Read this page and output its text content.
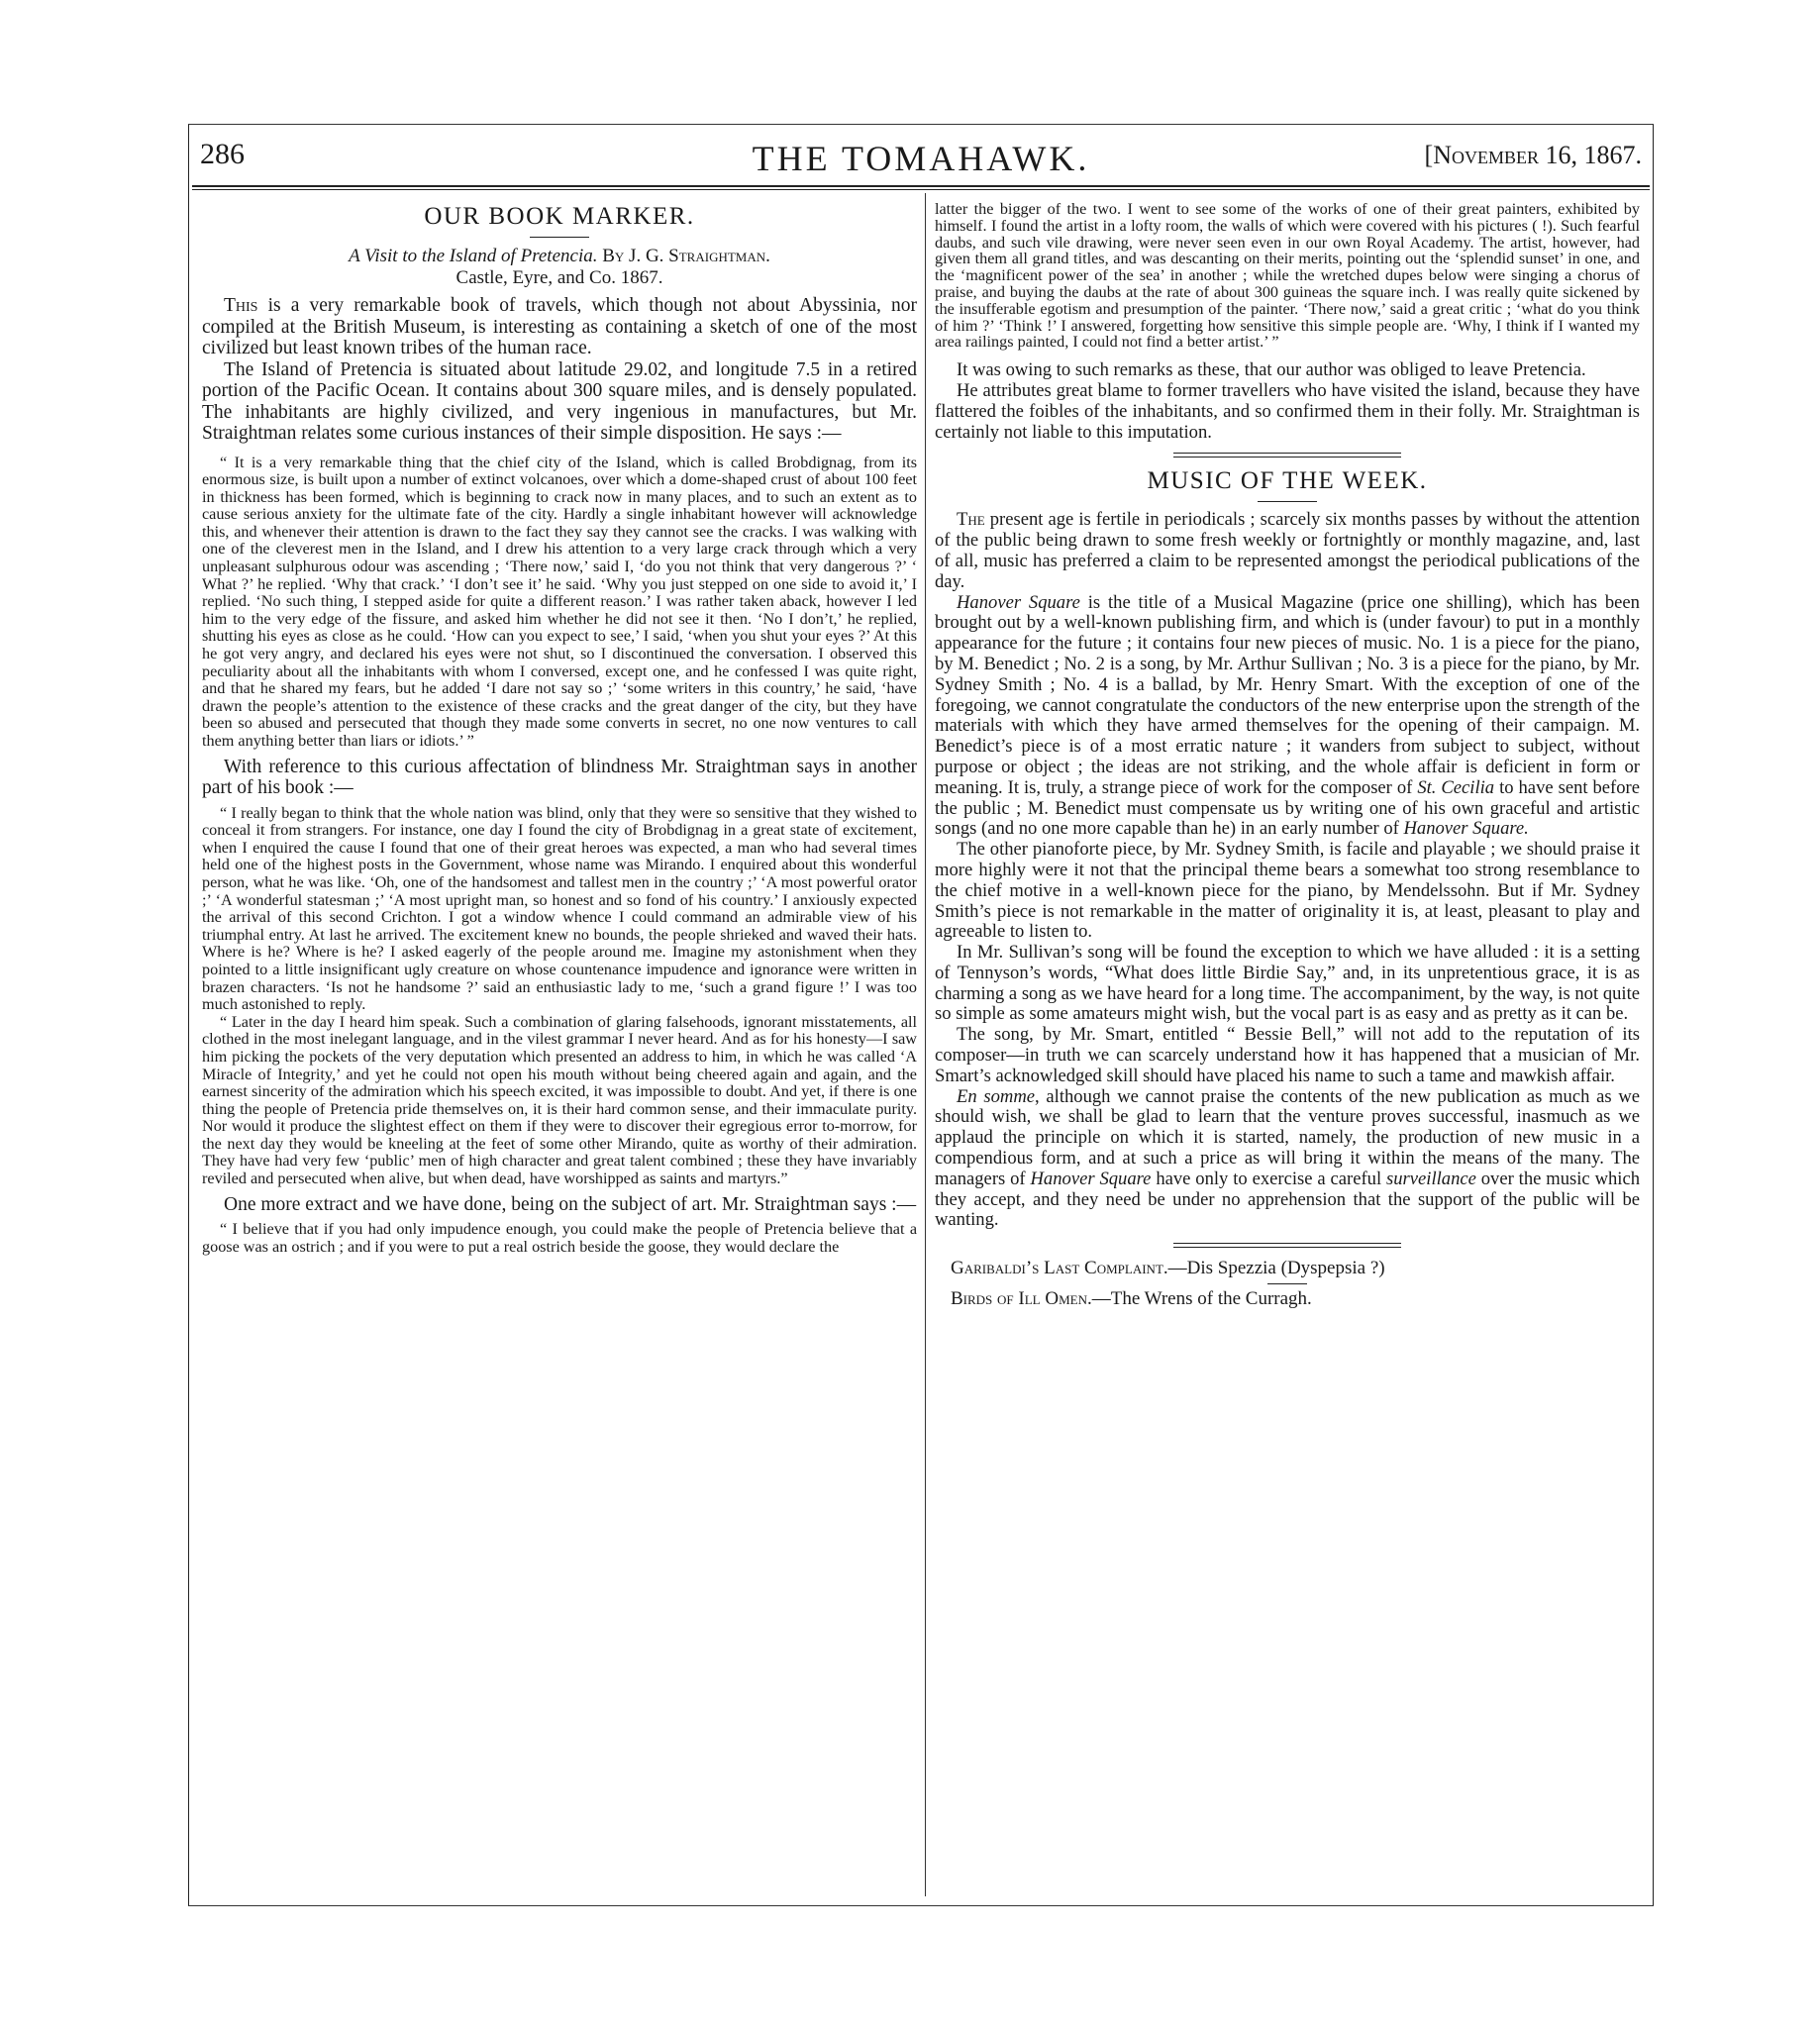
286	THE TOMAHAWK.	[November 16, 1867.
OUR BOOK MARKER.
A Visit to the Island of Pretencia. By J. G. Straightman.
Castle, Eyre, and Co. 1867.

This is a very remarkable book of travels, which though not about Abyssinia, nor compiled at the British Museum, is interesting as containing a sketch of one of the most civilized but least known tribes of the human race.

The Island of Pretencia is situated about latitude 29.02, and longitude 7.5 in a retired portion of the Pacific Ocean. It contains about 300 square miles, and is densely populated. The inhabitants are highly civilized, and very ingenious in manufactures, but Mr. Straightman relates some curious instances of their simple disposition. He says :—

“ It is a very remarkable thing that the chief city of the Island, which is called Brobdignag, from its enormous size, is built upon a number of extinct volcanoes, over which a dome-shaped crust of about 100 feet in thickness has been formed, which is beginning to crack now in many places, and to such an extent as to cause serious anxiety for the ultimate fate of the city. Hardly a single inhabitant however will acknowledge this, and whenever their attention is drawn to the fact they say they cannot see the cracks. I was walking with one of the cleverest men in the Island, and I drew his attention to a very large crack through which a very unpleasant sulphurous odour was ascending ; ‘There now,’ said I, ‘do you not think that very dangerous ?’ ‘ What ?’ he replied. ‘Why that crack.’ ‘I don’t see it’ he said. ‘Why you just stepped on one side to avoid it,’ I replied. ‘No such thing, I stepped aside for quite a different reason.’ I was rather taken aback, however I led him to the very edge of the fissure, and asked him whether he did not see it then. ‘No I don’t,’ he replied, shutting his eyes as close as he could. ‘How can you expect to see,’ I said, ‘when you shut your eyes ?’ At this he got very angry, and declared his eyes were not shut, so I discontinued the conversation. I observed this peculiarity about all the inhabitants with whom I conversed, except one, and he confessed I was quite right, and that he shared my fears, but he added ‘I dare not say so ;’ ‘some writers in this country,’ he said, ‘have drawn the people’s attention to the existence of these cracks and the great danger of the city, but they have been so abused and persecuted that though they made some converts in secret, no one now ventures to call them anything better than liars or idiots.’ ”

With reference to this curious affectation of blindness Mr. Straightman says in another part of his book :—

“ I really began to think that the whole nation was blind, only that they were so sensitive that they wished to conceal it from strangers. For instance, one day I found the city of Brobdignag in a great state of excitement, when I enquired the cause I found that one of their great heroes was expected, a man who had several times held one of the highest posts in the Government, whose name was Mirando. I enquired about this wonderful person, what he was like. ‘Oh, one of the handsomest and tallest men in the country ;’ ‘A most powerful orator ;’ ‘A wonderful statesman ;’ ‘A most upright man, so honest and so fond of his country.’ I anxiously expected the arrival of this second Crichton. I got a window whence I could command an admirable view of his triumphal entry. At last he arrived. The excitement knew no bounds, the people shrieked and waved their hats. Where is he? Where is he? I asked eagerly of the people around me. Imagine my astonishment when they pointed to a little insignificant ugly creature on whose countenance impudence and ignorance were written in brazen characters. ‘Is not he handsome ?’ said an enthusiastic lady to me, ‘such a grand figure !’ I was too much astonished to reply.

“ Later in the day I heard him speak. Such a combination of glaring falsehoods, ignorant misstatements, all clothed in the most inelegant language, and in the vilest grammar I never heard. And as for his honesty—I saw him picking the pockets of the very deputation which presented an address to him, in which he was called ‘A Miracle of Integrity,’ and yet he could not open his mouth without being cheered again and again, and the earnest sincerity of the admiration which his speech excited, it was impossible to doubt. And yet, if there is one thing the people of Pretencia pride themselves on, it is their hard common sense, and their immaculate purity. Nor would it produce the slightest effect on them if they were to discover their egregious error to-morrow, for the next day they would be kneeling at the feet of some other Mirando, quite as worthy of their admiration. They have had very few ‘public’ men of high character and great talent combined ; these they have invariably reviled and persecuted when alive, but when dead, have worshipped as saints and martyrs.”

One more extract and we have done, being on the subject of art. Mr. Straightman says :—

“ I believe that if you had only impudence enough, you could make the people of Pretencia believe that a goose was an ostrich ; and if you were to put a real ostrich beside the goose, they would declare the

latter the bigger of the two. I went to see some of the works of one of their great painters, exhibited by himself. I found the artist in a lofty room, the walls of which were covered with his pictures ( !). Such fearful daubs, and such vile drawing, were never seen even in our own Royal Academy. The artist, however, had given them all grand titles, and was descanting on their merits, pointing out the ‘splendid sunset’ in one, and the ‘magnificent power of the sea’ in another ; while the wretched dupes below were singing a chorus of praise, and buying the daubs at the rate of about 300 guineas the square inch. I was really quite sickened by the insufferable egotism and presumption of the painter. ‘There now,’ said a great critic ; ‘what do you think of him ?’ ‘Think !’ I answered, forgetting how sensitive this simple people are. ‘Why, I think if I wanted my area railings painted, I could not find a better artist.’ ”

It was owing to such remarks as these, that our author was obliged to leave Pretencia.

He attributes great blame to former travellers who have visited the island, because they have flattered the foibles of the inhabitants, and so confirmed them in their folly. Mr. Straightman is certainly not liable to this imputation.

MUSIC OF THE WEEK.

The present age is fertile in periodicals ; scarcely six months passes by without the attention of the public being drawn to some fresh weekly or fortnightly or monthly magazine, and, last of all, music has preferred a claim to be represented amongst the periodical publications of the day.

Hanover Square is the title of a Musical Magazine (price one shilling), which has been brought out by a well-known publishing firm, and which is (under favour) to put in a monthly appearance for the future ; it contains four new pieces of music. No. 1 is a piece for the piano, by M. Benedict ; No. 2 is a song, by Mr. Arthur Sullivan ; No. 3 is a piece for the piano, by Mr. Sydney Smith ; No. 4 is a ballad, by Mr. Henry Smart. With the exception of one of the foregoing, we cannot congratulate the conductors of the new enterprise upon the strength of the materials with which they have armed themselves for the opening of their campaign. M. Benedict’s piece is of a most erratic nature ; it wanders from subject to subject, without purpose or object ; the ideas are not striking, and the whole affair is deficient in form or meaning. It is, truly, a strange piece of work for the composer of St. Cecilia to have sent before the public ; M. Benedict must compensate us by writing one of his own graceful and artistic songs (and no one more capable than he) in an early number of Hanover Square.

The other pianoforte piece, by Mr. Sydney Smith, is facile and playable ; we should praise it more highly were it not that the principal theme bears a somewhat too strong resemblance to the chief motive in a well-known piece for the piano, by Mendelssohn. But if Mr. Sydney Smith’s piece is not remarkable in the matter of originality it is, at least, pleasant to play and agreeable to listen to.

In Mr. Sullivan’s song will be found the exception to which we have alluded : it is a setting of Tennyson’s words, “What does little Birdie Say,” and, in its unpretentious grace, it is as charming a song as we have heard for a long time. The accompaniment, by the way, is not quite so simple as some amateurs might wish, but the vocal part is as easy and as pretty as it can be.

The song, by Mr. Smart, entitled “ Bessie Bell,” will not add to the reputation of its composer—in truth we can scarcely understand how it has happened that a musician of Mr. Smart’s acknowledged skill should have placed his name to such a tame and mawkish affair.

En somme, although we cannot praise the contents of the new publication as much as we should wish, we shall be glad to learn that the venture proves successful, inasmuch as we applaud the principle on which it is started, namely, the production of new music in a compendious form, and at such a price as will bring it within the means of the many. The managers of Hanover Square have only to exercise a careful surveillance over the music which they accept, and they need be under no apprehension that the support of the public will be wanting.

Garibaldi’s Last Complaint.—Dis Spezzia (Dyspepsia ?)

Birds of Ill Omen.—The Wrens of the Curragh.
